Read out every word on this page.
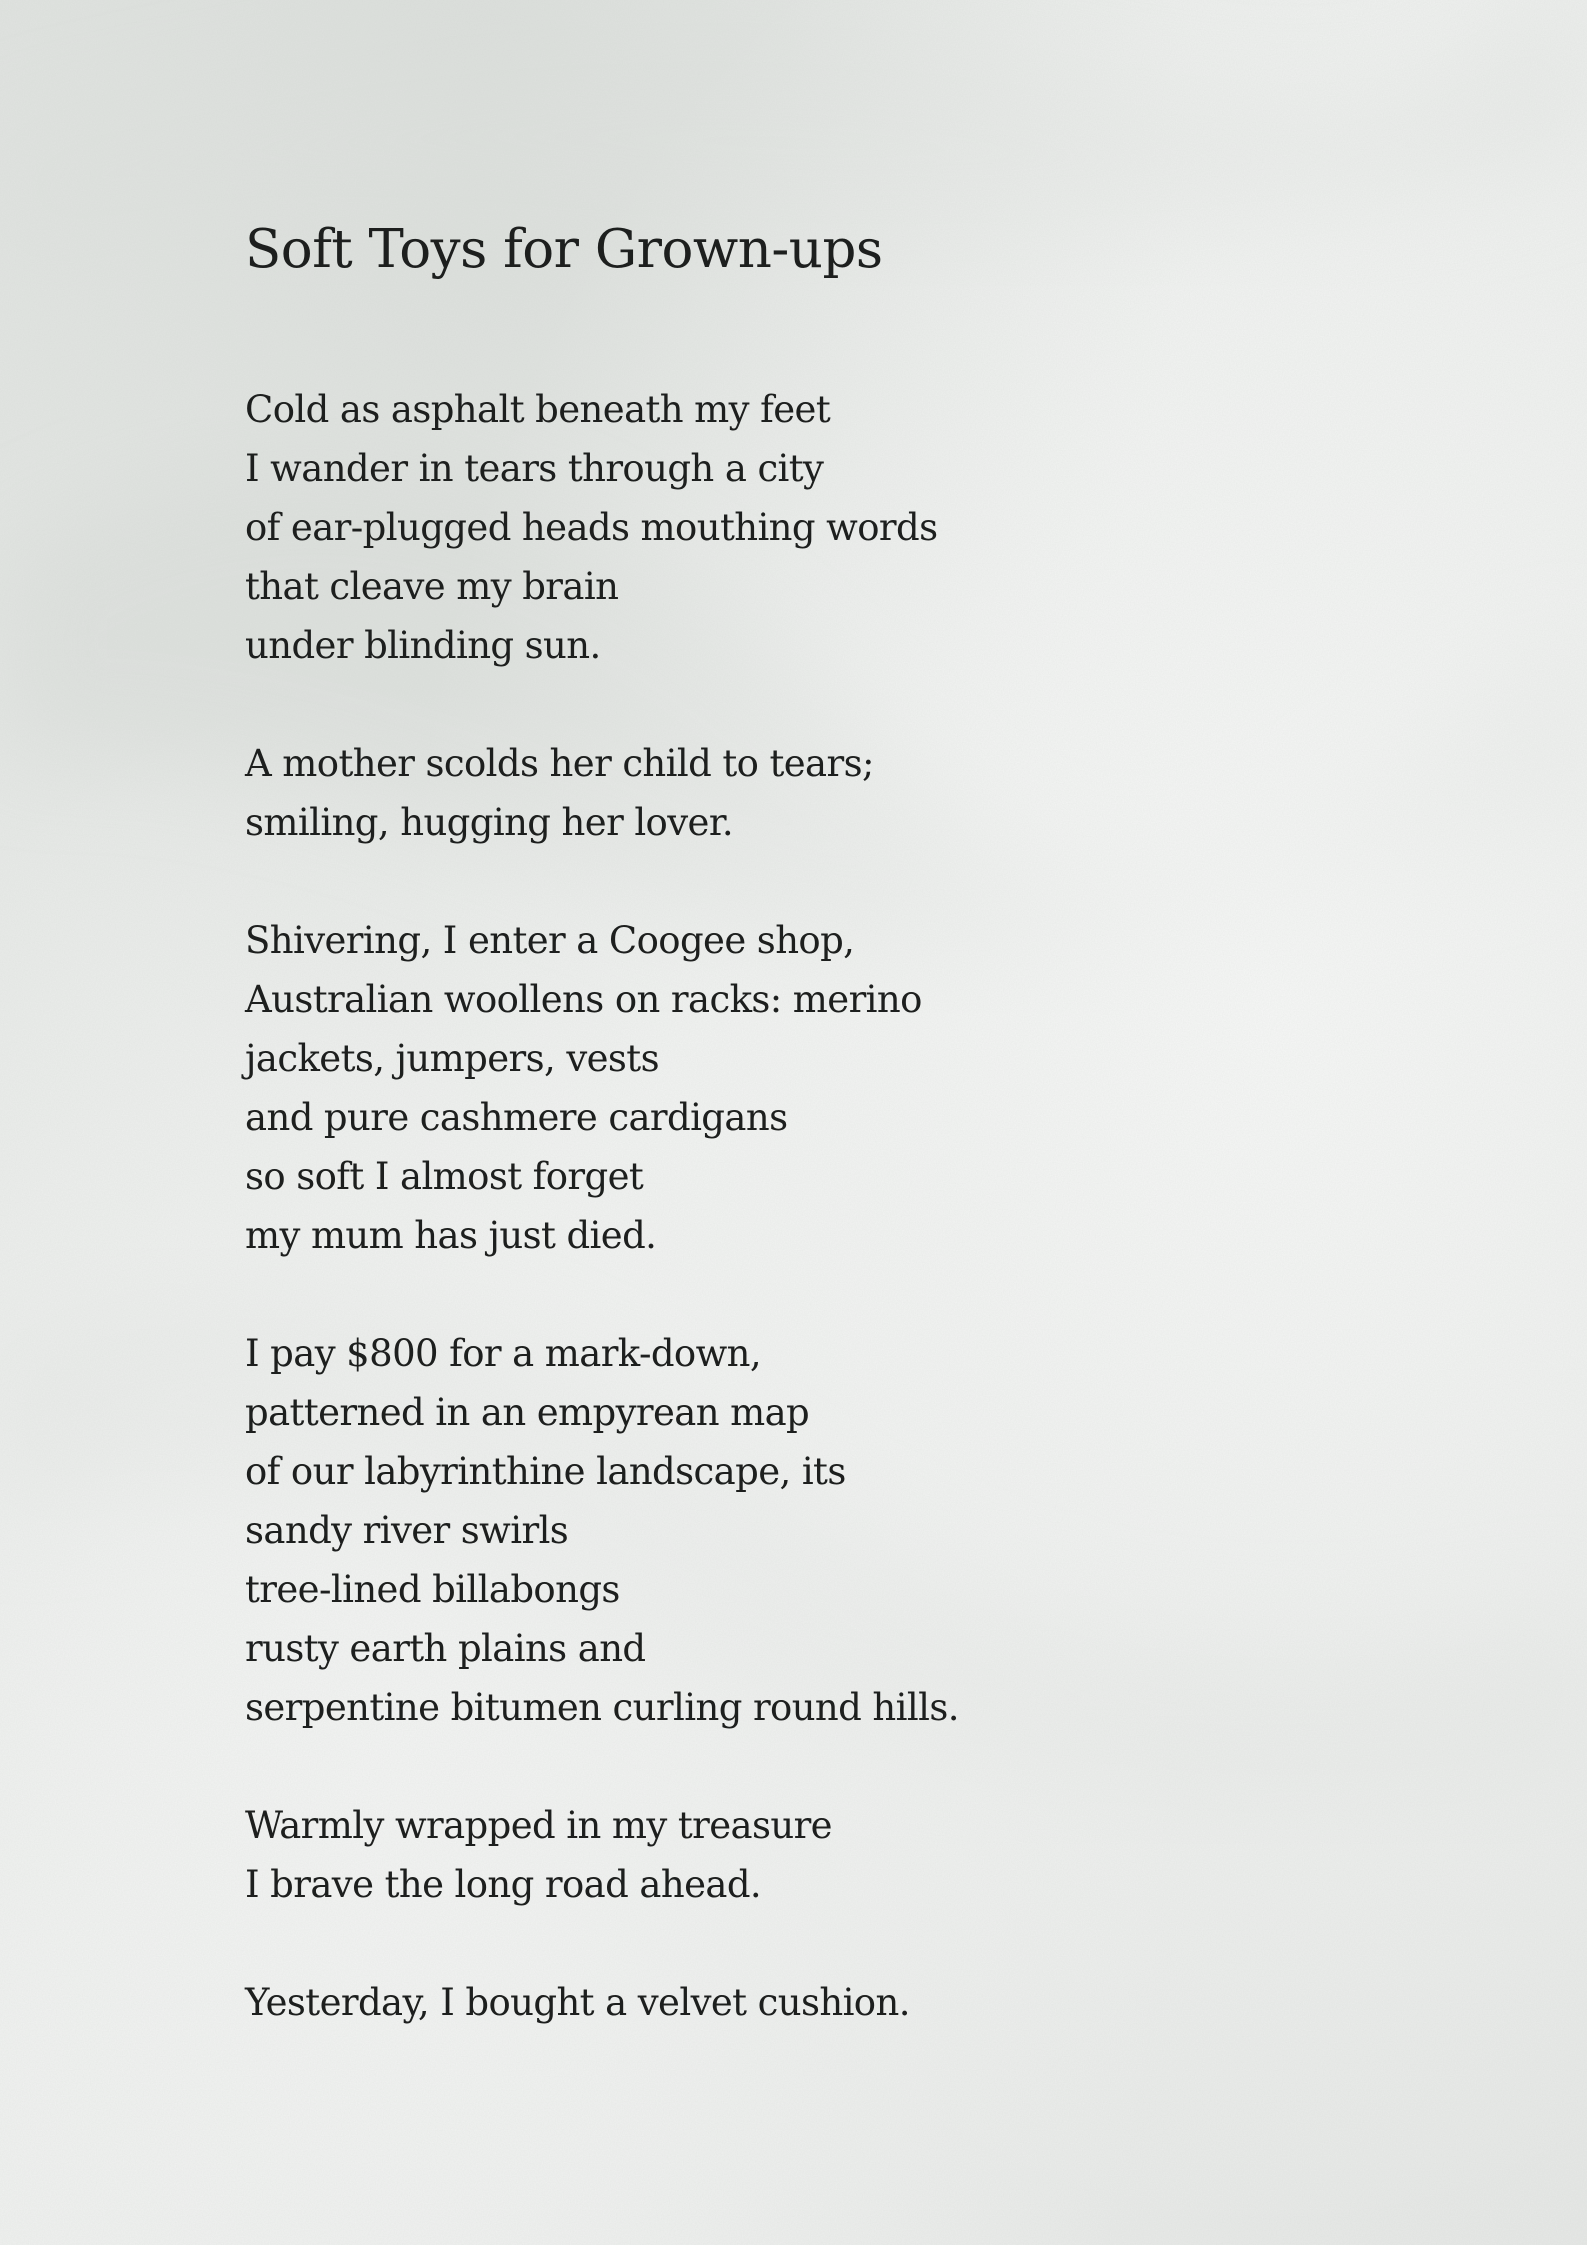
Soft Toys for Grown-ups
Cold as asphalt beneath my feet
I wander in tears through a city
of ear-plugged heads mouthing words
that cleave my brain
under blinding sun.
A mother scolds her child to tears;
smiling, hugging her lover.
Shivering, I enter a Coogee shop,
Australian woollens on racks: merino
jackets, jumpers, vests
and pure cashmere cardigans
so soft I almost forget
my mum has just died.
I pay $800 for a mark-down,
patterned in an empyrean map
of our labyrinthine landscape, its
sandy river swirls
tree-lined billabongs
rusty earth plains and
serpentine bitumen curling round hills.
Warmly wrapped in my treasure
I brave the long road ahead.
Yesterday, I bought a velvet cushion.
